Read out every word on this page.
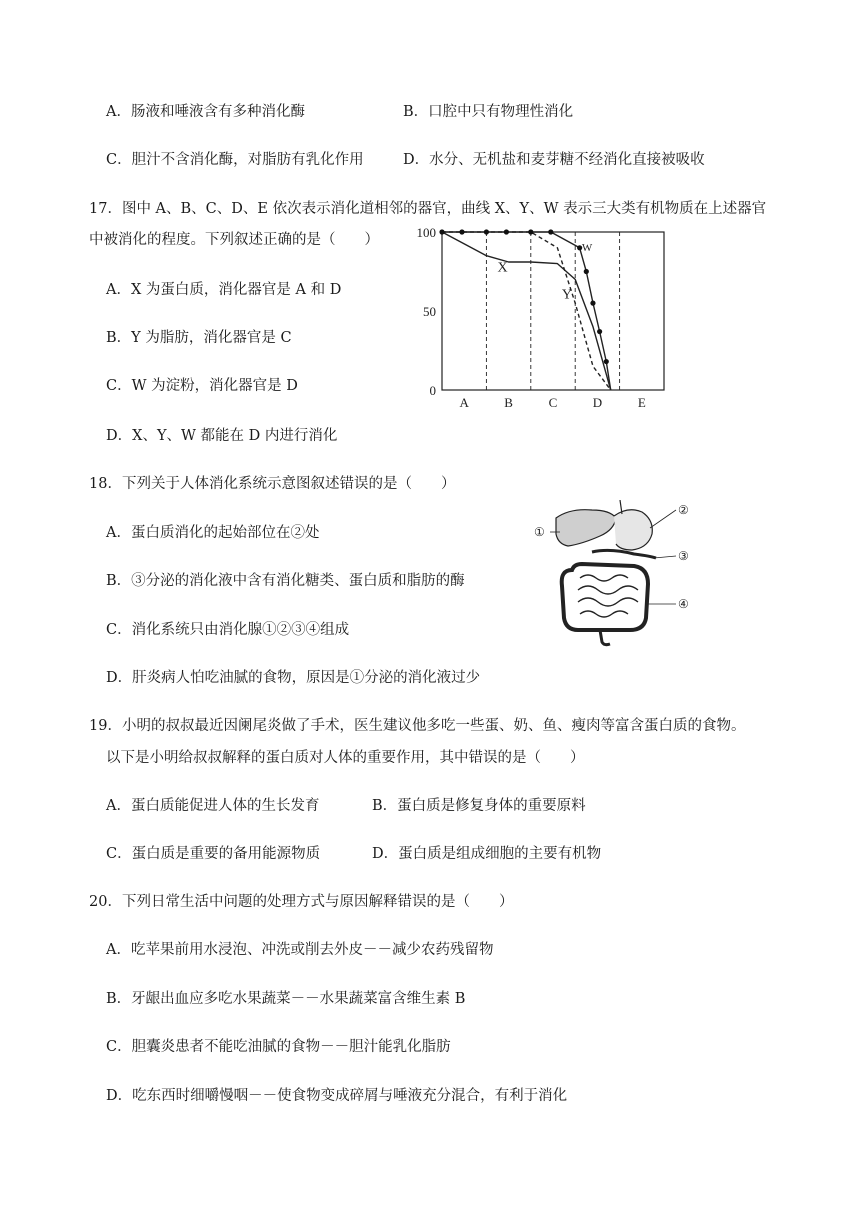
A．肠液和唾液含有多种消化酶	B．口腔中只有物理性消化
C．胆汁不含消化酶，对脂肪有乳化作用	D．水分、无机盐和麦芽糖不经消化直接被吸收
17．图中 A、B、C、D、E 依次表示消化道相邻的器官，曲线 X、Y、W 表示三大类有机物质在上述器官
中被消化的程度。下列叙述正确的是（　　）
A．X 为蛋白质，消化器官是 A 和 D
B．Y 为脂肪，消化器官是 C
C．W 为淀粉，消化器官是 D
D．X、Y、W 都能在 D 内进行消化
0
50
100
A	B	C	D	E
X
Y
W
18．下列关于人体消化系统示意图叙述错误的是（　　）
A．蛋白质消化的起始部位在②处
B．③分泌的消化液中含有消化糖类、蛋白质和脂肪的酶
C．消化系统只由消化腺①②③④组成
D．肝炎病人怕吃油腻的食物，原因是①分泌的消化液过少
①
②
③
④
19．小明的叔叔最近因阑尾炎做了手术，医生建议他多吃一些蛋、奶、鱼、瘦肉等富含蛋白质的食物。
以下是小明给叔叔解释的蛋白质对人体的重要作用，其中错误的是（　　）
A．蛋白质能促进人体的生长发育	B．蛋白质是修复身体的重要原料
C．蛋白质是重要的备用能源物质	D．蛋白质是组成细胞的主要有机物
20．下列日常生活中问题的处理方式与原因解释错误的是（　　）
A．吃苹果前用水浸泡、冲洗或削去外皮－－减少农药残留物
B．牙龈出血应多吃水果蔬菜－－水果蔬菜富含维生素 B
C．胆囊炎患者不能吃油腻的食物－－胆汁能乳化脂肪
D．吃东西时细嚼慢咽－－使食物变成碎屑与唾液充分混合，有利于消化
